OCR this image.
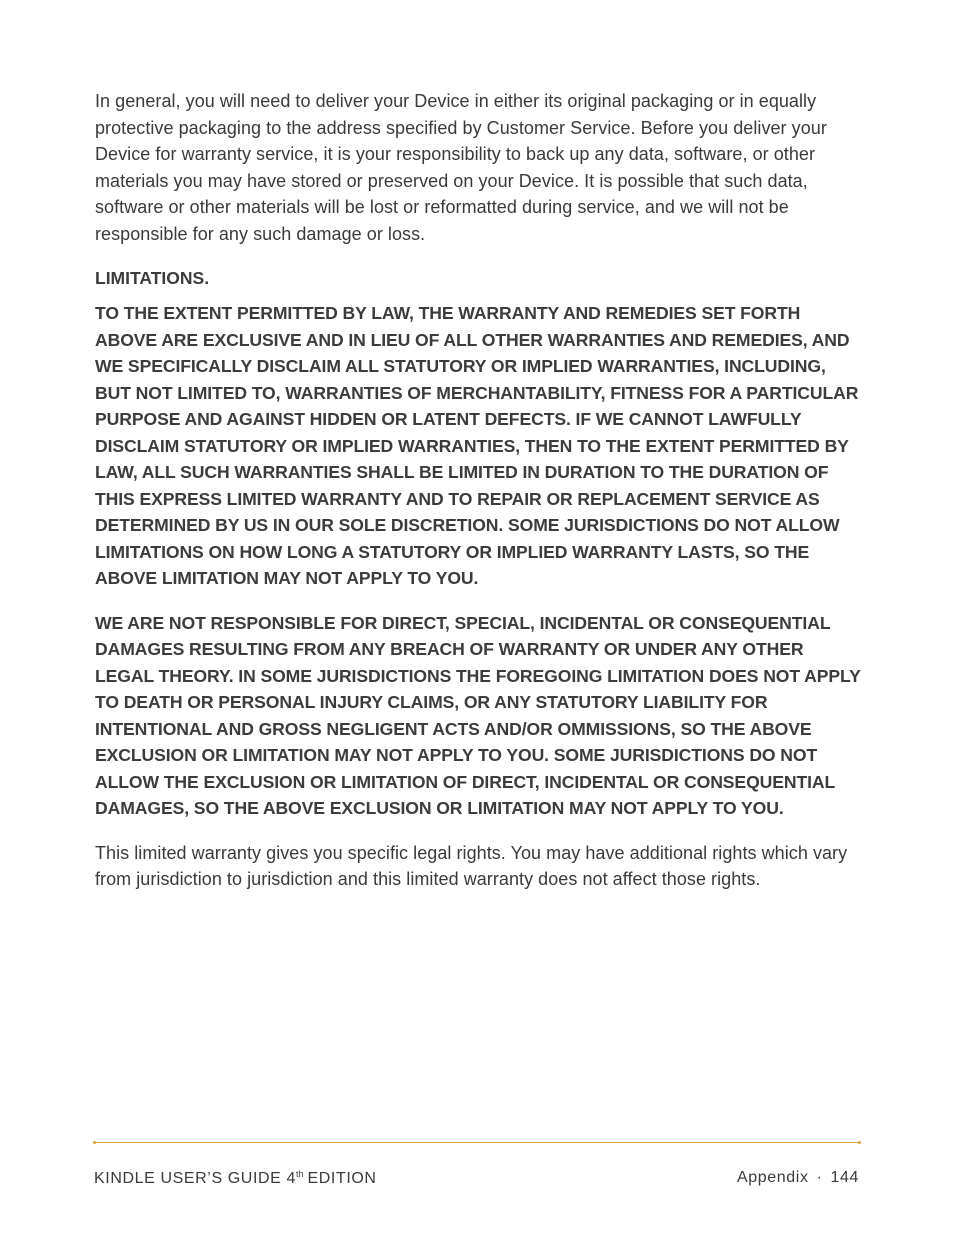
In general, you will need to deliver your Device in either its original packaging or in equally protective packaging to the address specified by Customer Service. Before you deliver your Device for warranty service, it is your responsibility to back up any data, software, or other materials you may have stored or preserved on your Device. It is possible that such data, software or other materials will be lost or reformatted during service, and we will not be responsible for any such damage or loss.

LIMITATIONS.

TO THE EXTENT PERMITTED BY LAW, THE WARRANTY AND REMEDIES SET FORTH ABOVE ARE EXCLUSIVE AND IN LIEU OF ALL OTHER WARRANTIES AND REMEDIES, AND WE SPECIFICALLY DISCLAIM ALL STATUTORY OR IMPLIED WARRANTIES, INCLUDING, BUT NOT LIMITED TO, WARRANTIES OF MERCHANTABILITY, FITNESS FOR A PARTICULAR PURPOSE AND AGAINST HIDDEN OR LATENT DEFECTS. IF WE CANNOT LAWFULLY DISCLAIM STATUTORY OR IMPLIED WARRANTIES, THEN TO THE EXTENT PERMITTED BY LAW, ALL SUCH WARRANTIES SHALL BE LIMITED IN DURATION TO THE DURATION OF THIS EXPRESS LIMITED WARRANTY AND TO REPAIR OR REPLACEMENT SERVICE AS DETERMINED BY US IN OUR SOLE DISCRETION. SOME JURISDICTIONS DO NOT ALLOW LIMITATIONS ON HOW LONG A STATUTORY OR IMPLIED WARRANTY LASTS, SO THE ABOVE LIMITATION MAY NOT APPLY TO YOU.

WE ARE NOT RESPONSIBLE FOR DIRECT, SPECIAL, INCIDENTAL OR CONSEQUENTIAL DAMAGES RESULTING FROM ANY BREACH OF WARRANTY OR UNDER ANY OTHER LEGAL THEORY. IN SOME JURISDICTIONS THE FOREGOING LIMITATION DOES NOT APPLY TO DEATH OR PERSONAL INJURY CLAIMS, OR ANY STATUTORY LIABILITY FOR INTENTIONAL AND GROSS NEGLIGENT ACTS AND/OR OMMISSIONS, SO THE ABOVE EXCLUSION OR LIMITATION MAY NOT APPLY TO YOU. SOME JURISDICTIONS DO NOT ALLOW THE EXCLUSION OR LIMITATION OF DIRECT, INCIDENTAL OR CONSEQUENTIAL DAMAGES, SO THE ABOVE EXCLUSION OR LIMITATION MAY NOT APPLY TO YOU.

This limited warranty gives you specific legal rights. You may have additional rights which vary from jurisdiction to jurisdiction and this limited warranty does not affect those rights.

KINDLE USER’S GUIDE 4th EDITION	Appendix · 144
